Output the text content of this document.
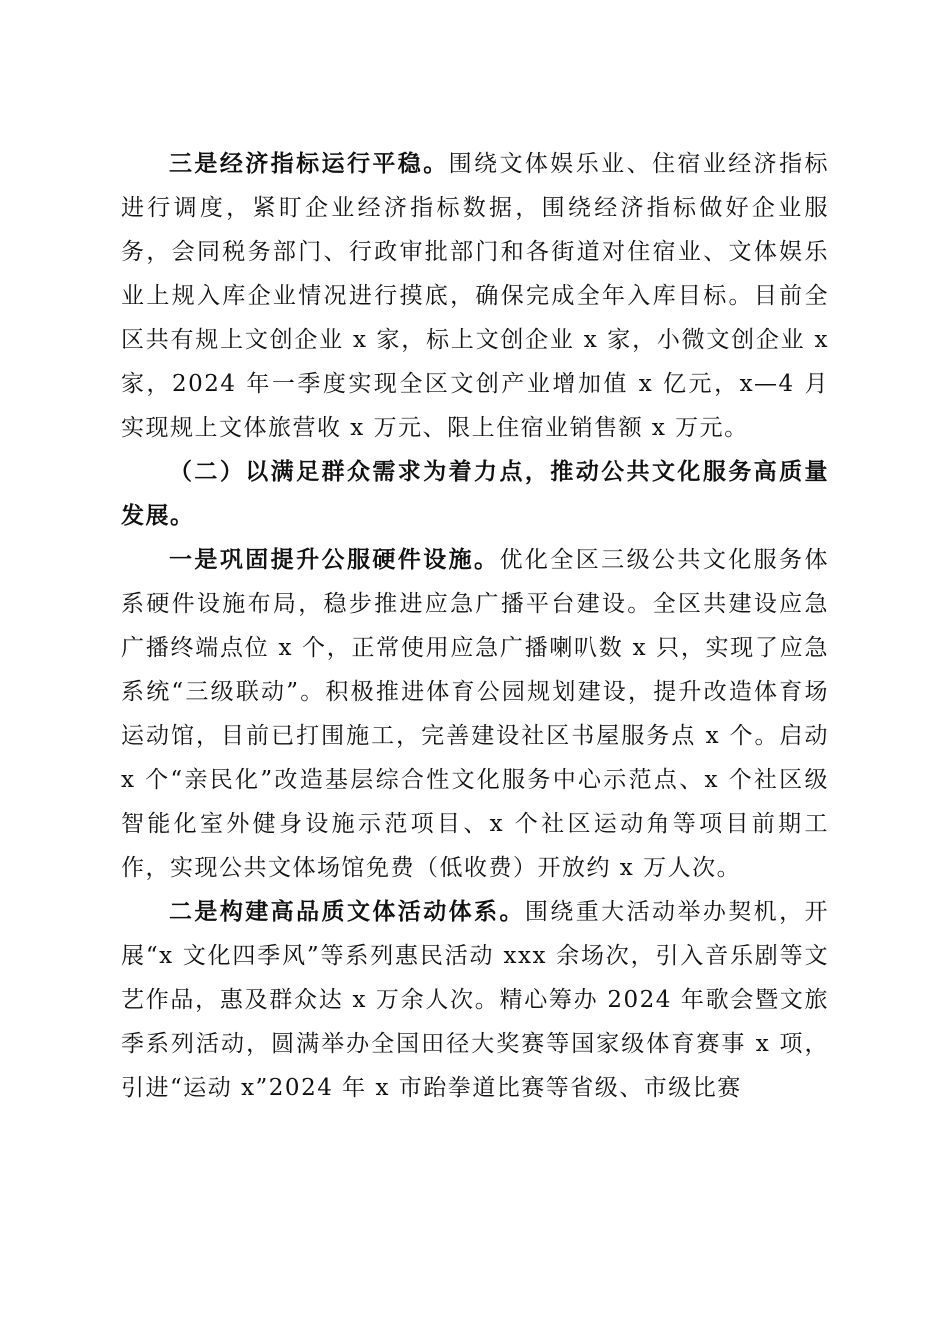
三是经济指标运行平稳。围绕文体娱乐业、住宿业经济指标进行调度，紧盯企业经济指标数据，围绕经济指标做好企业服务，会同税务部门、行政审批部门和各街道对住宿业、文体娱乐业上规入库企业情况进行摸底，确保完成全年入库目标。目前全区共有规上文创企业 x 家，标上文创企业 x 家，小微文创企业 x 家，2024 年一季度实现全区文创产业增加值 x 亿元，x—4 月实现规上文体旅营收 x 万元、限上住宿业销售额 x 万元。

（二）以满足群众需求为着力点，推动公共文化服务高质量发展。

一是巩固提升公服硬件设施。优化全区三级公共文化服务体系硬件设施布局，稳步推进应急广播平台建设。全区共建设应急广播终端点位 x 个，正常使用应急广播喇叭数 x 只，实现了应急系统“三级联动”。积极推进体育公园规划建设，提升改造体育场运动馆，目前已打围施工，完善建设社区书屋服务点 x 个。启动 x 个“亲民化”改造基层综合性文化服务中心示范点、x 个社区级智能化室外健身设施示范项目、x 个社区运动角等项目前期工作，实现公共文体场馆免费（低收费）开放约 x 万人次。

二是构建高品质文体活动体系。围绕重大活动举办契机，开展“x 文化四季风”等系列惠民活动 xxx 余场次，引入音乐剧等文艺作品，惠及群众达 x 万余人次。精心筹办 2024 年歌会暨文旅季系列活动，圆满举办全国田径大奖赛等国家级体育赛事 x 项，引进“运动 x”2024 年 x 市跆拳道比赛等省级、市级比赛
